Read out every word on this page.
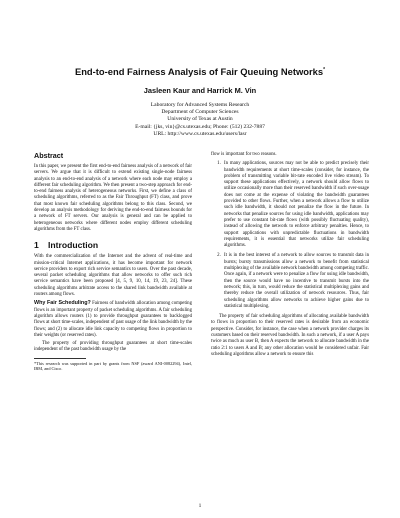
End-to-end Fairness Analysis of Fair Queuing Networks*
Jasleen Kaur and Harrick M. Vin
Laboratory for Advanced Systems Research
Department of Computer Sciences
University of Texas at Austin
E-mail: {jks, vin}@cs.utexas.edu; Phone: (512) 232-7887
URL: http://www.cs.utexas.edu/users/lasr
Abstract

In this paper, we present the first end-to-end fairness analysis of a network of fair servers. We argue that it is difficult to extend existing single-node fairness analysis to an end-to-end analysis of a network where each node may employ a different fair scheduling algorithm. We then present a two-step approach for end-to-end fairness analysis of heterogeneous networks. First, we define a class of scheduling algorithms, referred to as the Fair Throughput (FT) class, and prove that most known fair scheduling algorithms belong to this class. Second, we develop an analysis methodology for deriving the end-to-end fairness bounds for a network of FT servers. Our analysis is general and can be applied to heterogeneous networks where different nodes employ different scheduling algorithms from the FT class.

1 Introduction

With the commercialization of the Internet and the advent of real-time and mission-critical Internet applications, it has become important for network service providers to export rich service semantics to users. Over the past decade, several packet scheduling algorithms that allow networks to offer such rich service semantics have been proposed [4, 5, 9, 10, 14, 19, 23, 24]. These scheduling algorithms arbitrate access to the shared link bandwidth available at routers among flows.

Why Fair Scheduling? Fairness of bandwidth allocation among competing flows is an important property of packet scheduling algorithms. A fair scheduling algorithm allows routers (1) to provide throughput guarantees to backlogged flows at short time-scales, independent of past usage of the link bandwidth by the flows; and (2) to allocate idle link capacity to competing flows in proportion to their weights (or reserved rates).

The property of providing throughput guarantees at short time-scales independent of the past bandwidth usage by the

*This research was supported in part by grants from NSF (award ANI-0082294), Intel, IBM, and Cisco.

flow is important for two reasons.

1. In many applications, sources may not be able to predict precisely their bandwidth requirements at short time-scales (consider, for instance, the problem of transmitting variable bit-rate encoded live video stream). To support these applications effectively, a network should allow flows to utilize occasionally more than their reserved bandwidth if such over-usage does not come at the expense of violating the bandwidth guarantees provided to other flows. Further, when a network allows a flow to utilize such idle bandwidth, it should not penalize the flow in the future. In networks that penalize sources for using idle bandwidth, applications may prefer to use constant bit-rate flows (with possibly fluctuating quality), instead of allowing the network to enforce arbitrary penalties. Hence, to support applications with unpredictable fluctuations in bandwidth requirements, it is essential that networks utilize fair scheduling algorithms.
2. It is in the best interest of a network to allow sources to transmit data in bursts; bursty transmissions allow a network to benefit from statistical multiplexing of the available network bandwidth among competing traffic. Once again, if a network were to penalize a flow for using idle bandwidth, then the source would have no incentive to transmit bursts into the network; this, in turn, would reduce the statistical multiplexing gains and thereby reduce the overall utilization of network resources. Thus, fair scheduling algorithms allow networks to achieve higher gains due to statistical multiplexing.

The property of fair scheduling algorithms of allocating available bandwidth to flows in proportion to their reserved rates is desirable from an economic perspective. Consider, for instance, the case when a network provider charges its customers based on their reserved bandwidth. In such a network, if a user A pays twice as much as user B, then A expects the network to allocate bandwidth in the ratio 2:1 to users A and B; any other allocation would be considered unfair. Fair scheduling algorithms allow a network to ensure this

1
